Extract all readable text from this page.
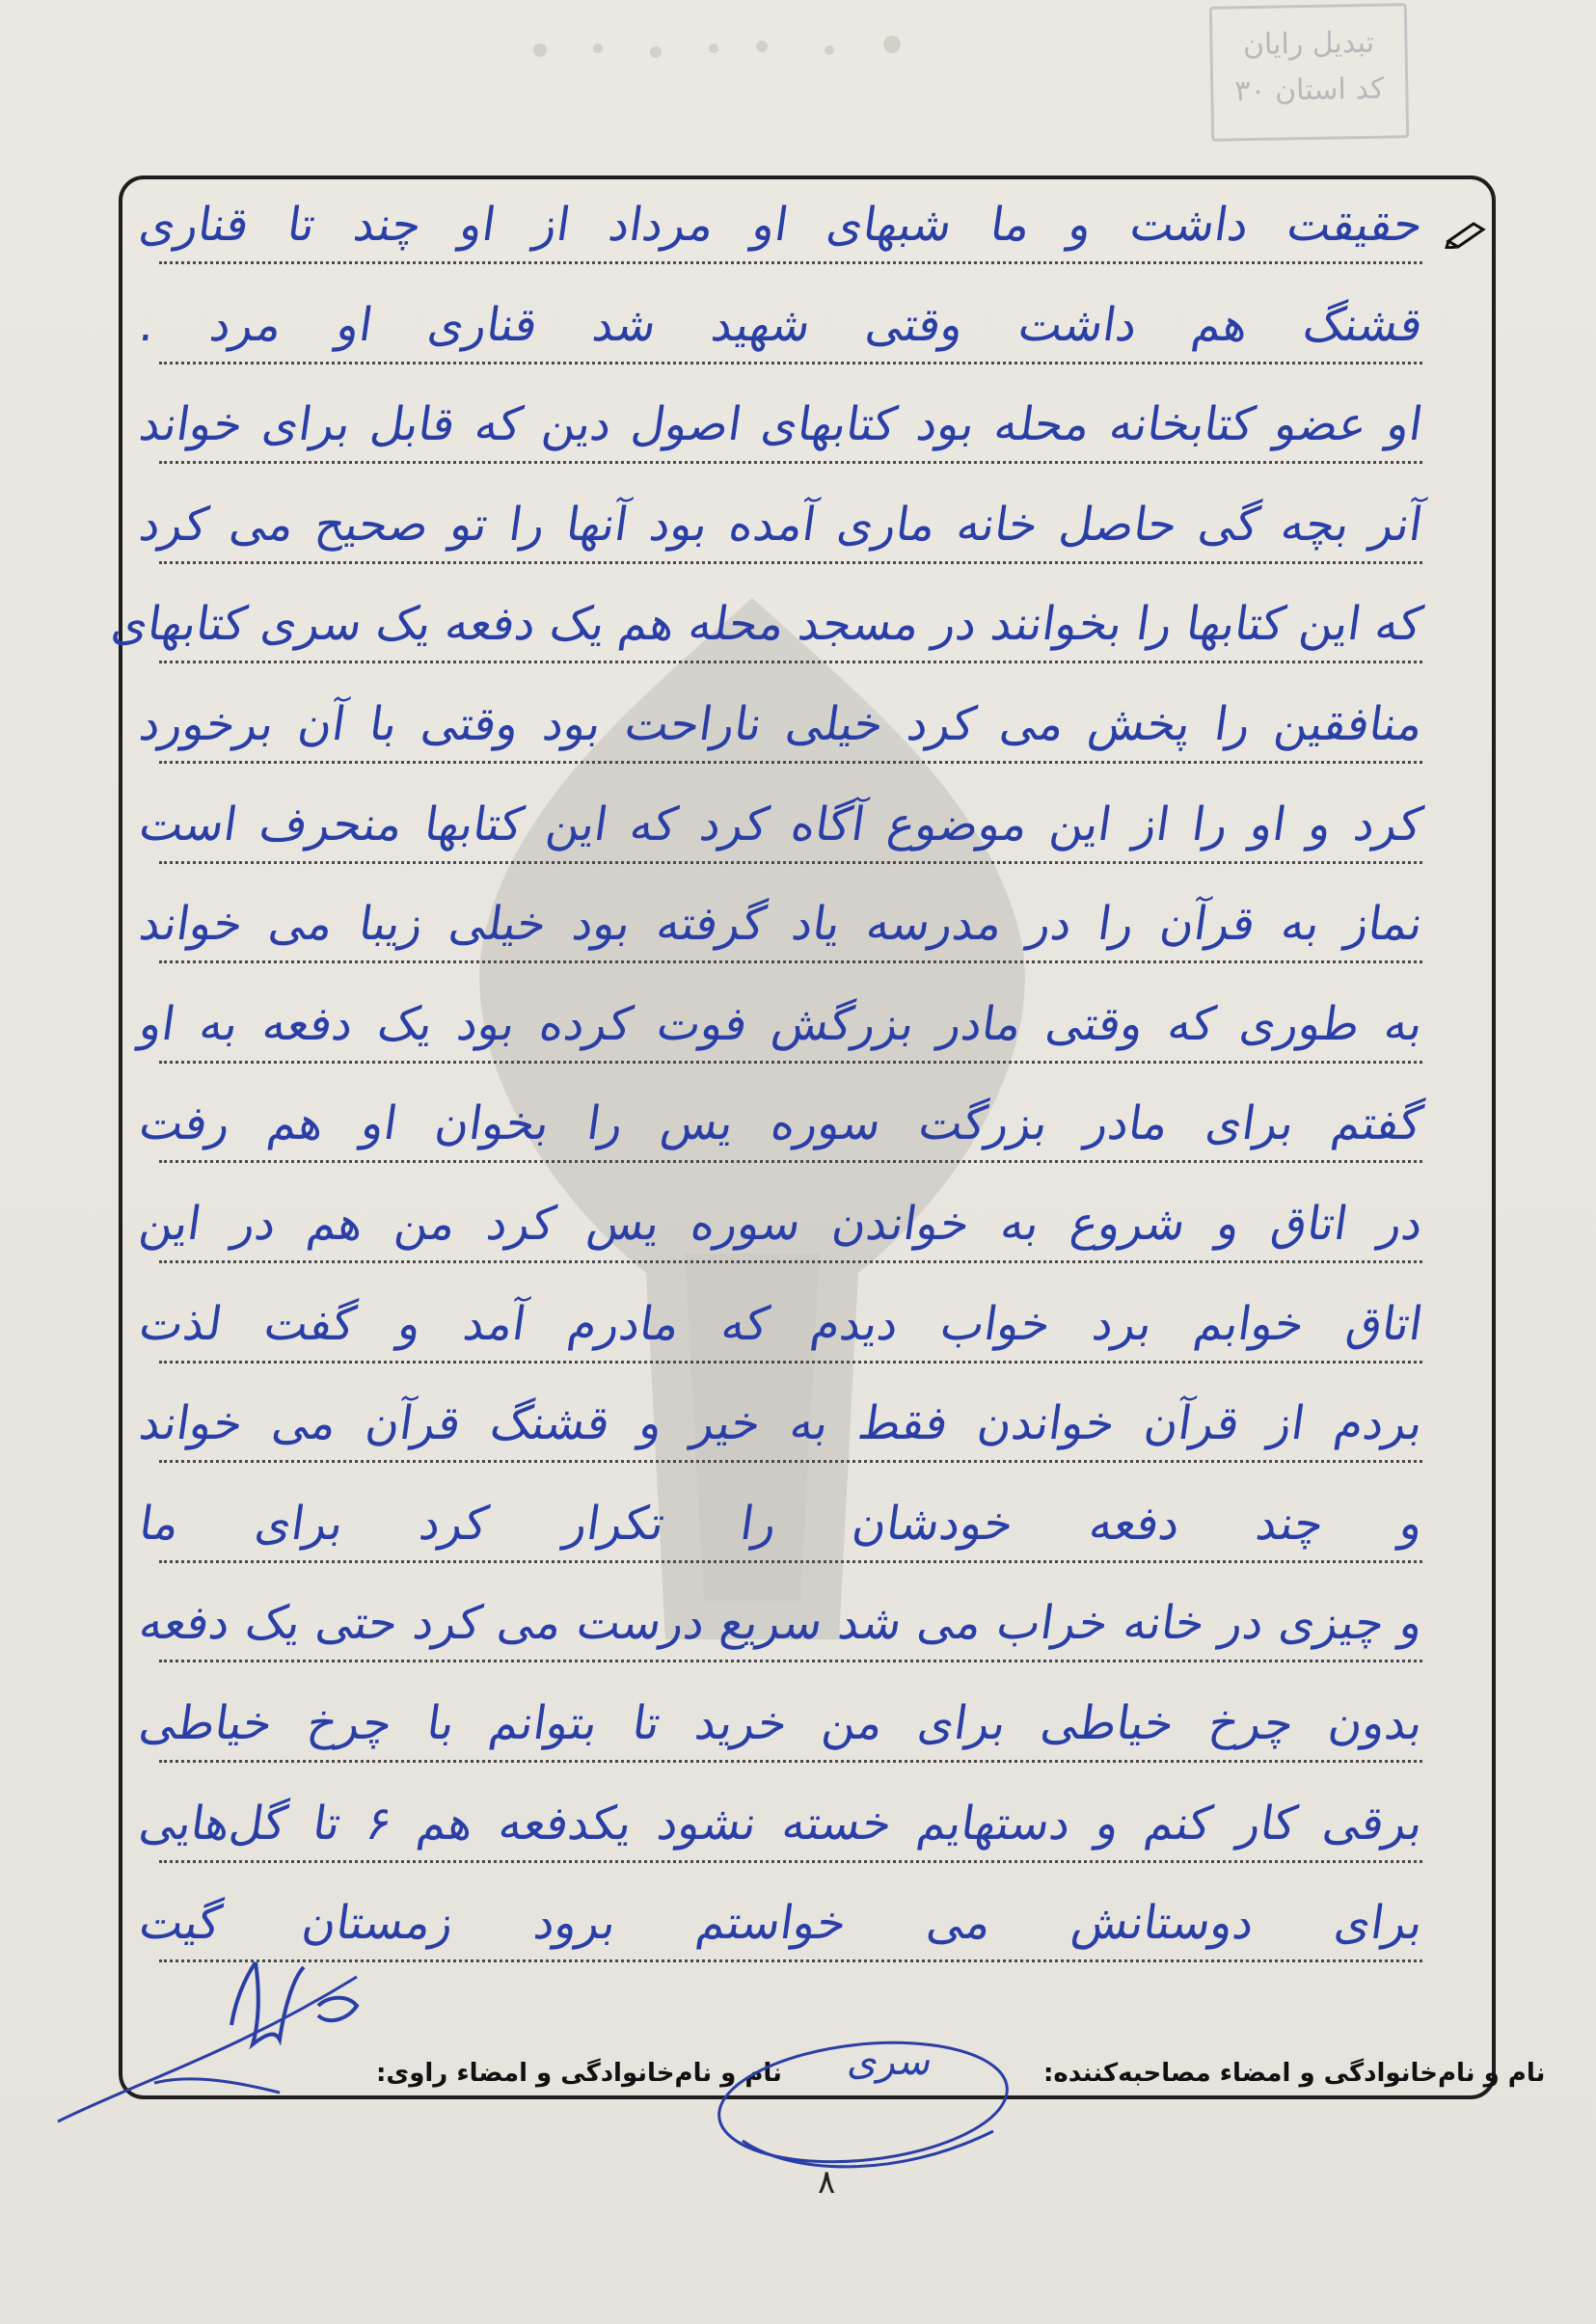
تبدیل رایان
کد استان ۳۰
حقیقت داشت و ما شبهای او مرداد از او چند تا قناری
قشنگ هم داشت وقتی شهید شد قناری او مرد .
او عضو کتابخانه محله بود کتابهای اصول دین که قابل برای خواند
آنر بچه گی حاصل خانه ماری آمده بود آنها را تو صحیح می کرد
که این کتابها را بخوانند در مسجد محله هم یک دفعه یک سری کتابهای
منافقین را پخش می کرد خیلی ناراحت بود وقتی با آن برخورد
کرد و او را از این موضوع آگاه کرد که این کتابها منحرف است
نماز به قرآن را در مدرسه یاد گرفته بود خیلی زیبا می خواند
به طوری که وقتی مادر بزرگش فوت کرده بود یک دفعه به او
گفتم برای مادر بزرگت سوره یس را بخوان او هم رفت
در اتاق و شروع به خواندن سوره یس کرد من هم در این
اتاق خوابم برد خواب دیدم که مادرم آمد و گفت لذت
بردم از قرآن خواندن فقط به خیر و قشنگ قرآن می خواند
و چند دفعه خودشان را تکرار کرد برای ما
و چیزی در خانه خراب می شد سریع درست می کرد حتی یک دفعه
بدون چرخ خیاطی برای من خرید تا بتوانم با چرخ خیاطی
برقی کار کنم و دستهایم خسته نشود یکدفعه هم ۶ تا گل‌هایی
برای دوستانش می خواستم برود زمستان گیت
نام و نام‌خانوادگی و امضاء مصاحبه‌کننده:
نام و نام‌خانوادگی و امضاء راوی: سری
۸
